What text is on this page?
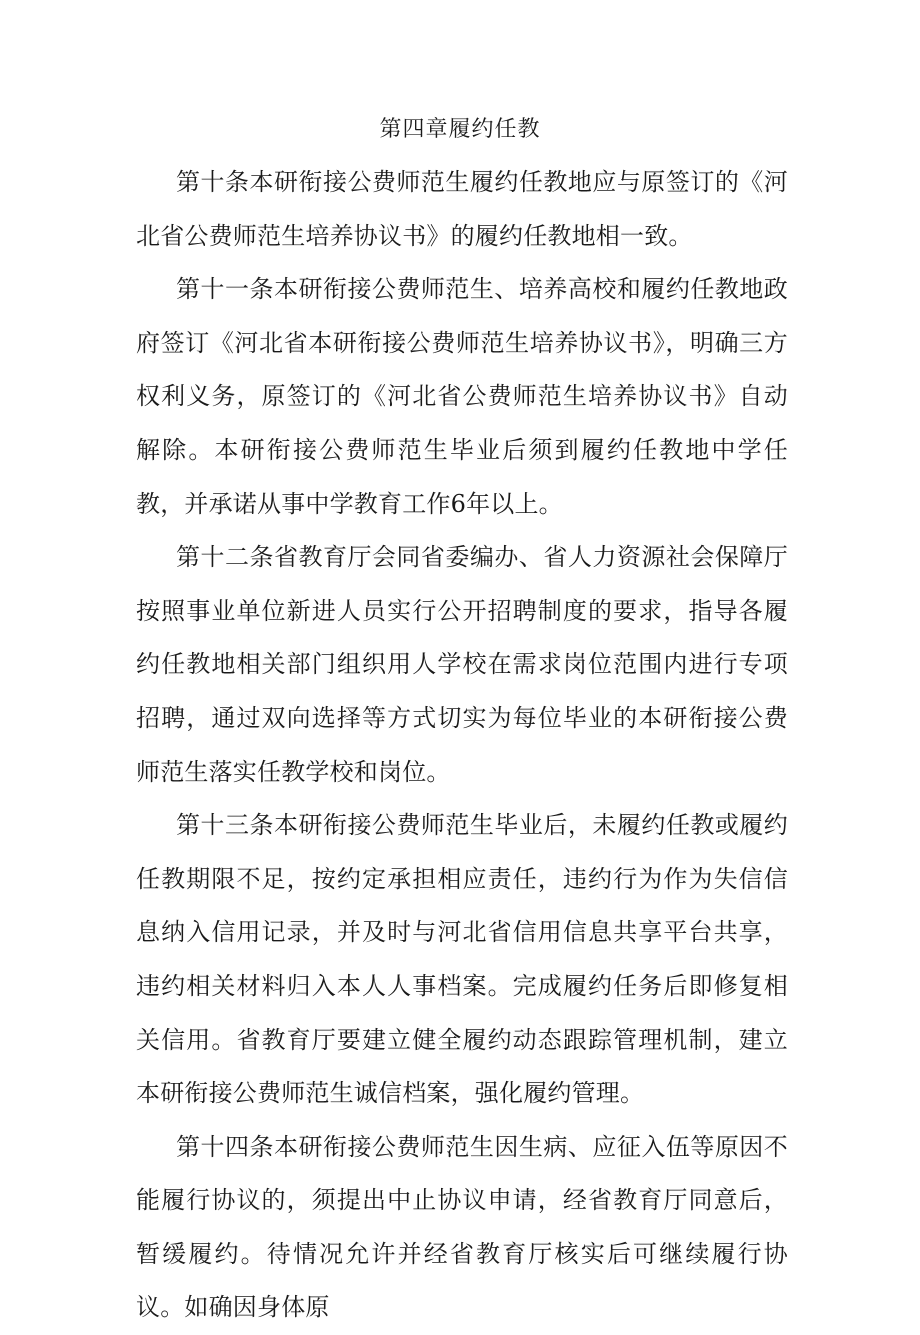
第四章履约任教

第十条本研衔接公费师范生履约任教地应与原签订的《河北省公费师范生培养协议书》的履约任教地相一致。

第十一条本研衔接公费师范生、培养高校和履约任教地政府签订《河北省本研衔接公费师范生培养协议书》，明确三方权利义务，原签订的《河北省公费师范生培养协议书》自动解除。本研衔接公费师范生毕业后须到履约任教地中学任教，并承诺从事中学教育工作6年以上。

第十二条省教育厅会同省委编办、省人力资源社会保障厅按照事业单位新进人员实行公开招聘制度的要求，指导各履约任教地相关部门组织用人学校在需求岗位范围内进行专项招聘，通过双向选择等方式切实为每位毕业的本研衔接公费师范生落实任教学校和岗位。

第十三条本研衔接公费师范生毕业后，未履约任教或履约任教期限不足，按约定承担相应责任，违约行为作为失信信息纳入信用记录，并及时与河北省信用信息共享平台共享，违约相关材料归入本人人事档案。完成履约任务后即修复相关信用。省教育厅要建立健全履约动态跟踪管理机制，建立本研衔接公费师范生诚信档案，强化履约管理。

第十四条本研衔接公费师范生因生病、应征入伍等原因不能履行协议的，须提出中止协议申请，经省教育厅同意后，暂缓履约。待情况允许并经省教育厅核实后可继续履行协议。如确因身体原
